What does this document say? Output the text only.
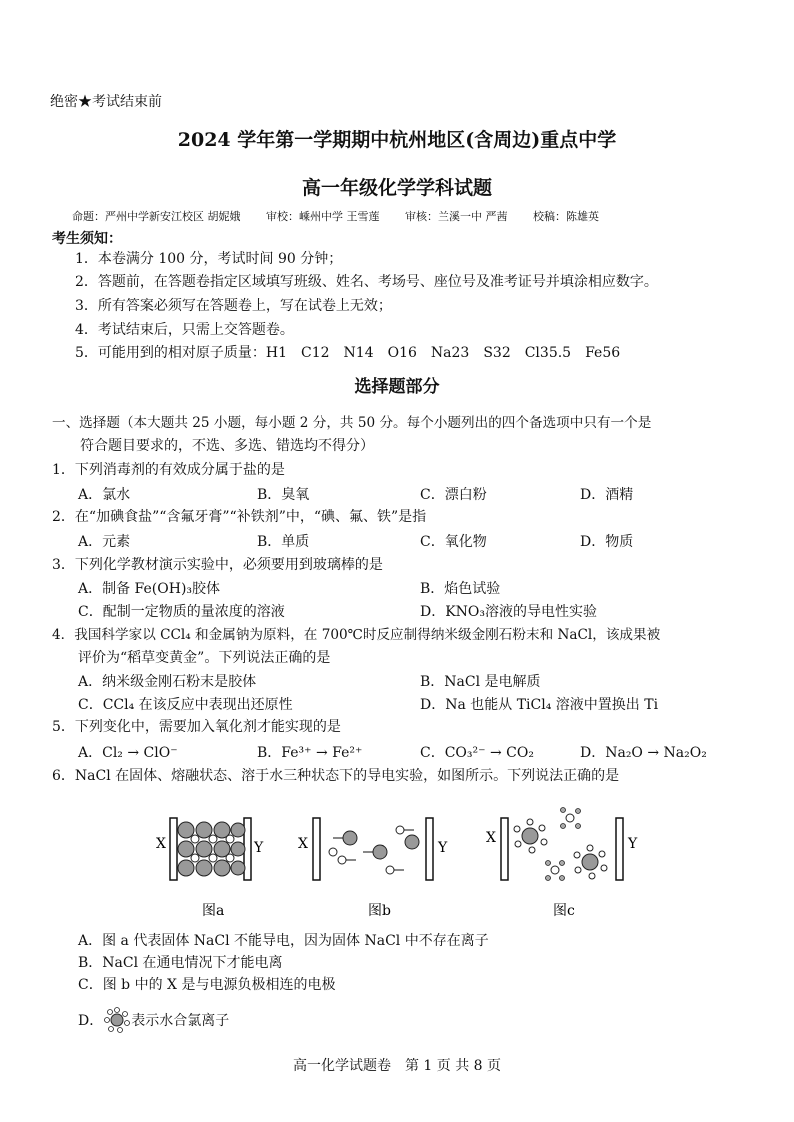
绝密★考试结束前
2024 学年第一学期期中杭州地区(含周边)重点中学
高一年级化学学科试题
命题：严州中学新安江校区 胡妮娥 审校：嵊州中学 王雪莲 审核：兰溪一中 严茜 校稿：陈雄英
考生须知：
1．本卷满分 100 分，考试时间 90 分钟；
2．答题前，在答题卷指定区域填写班级、姓名、考场号、座位号及准考证号并填涂相应数字。
3．所有答案必须写在答题卷上，写在试卷上无效；
4．考试结束后，只需上交答题卷。
5．可能用到的相对原子质量：H1　C12　N14　O16　Na23　S32　Cl35.5　Fe56
选择题部分
一、选择题（本大题共 25 小题，每小题 2 分，共 50 分。每个小题列出的四个备选项中只有一个是
符合题目要求的，不选、多选、错选均不得分）
1．下列消毒剂的有效成分属于盐的是
A．氯水	B．臭氧	C．漂白粉	D．酒精
2．在“加碘食盐”“含氟牙膏”“补铁剂”中，“碘、氟、铁”是指
A．元素	B．单质	C．氧化物	D．物质
3．下列化学教材演示实验中，必须要用到玻璃棒的是
A．制备 Fe(OH)₃胶体	B．焰色试验
C．配制一定物质的量浓度的溶液	D．KNO₃溶液的导电性实验
4．我国科学家以 CCl₄ 和金属钠为原料，在 700℃时反应制得纳米级金刚石粉末和 NaCl，该成果被
评价为“稻草变黄金”。下列说法正确的是
A．纳米级金刚石粉末是胶体	B．NaCl 是电解质
C．CCl₄ 在该反应中表现出还原性	D．Na 也能从 TiCl₄ 溶液中置换出 Ti
5．下列变化中，需要加入氧化剂才能实现的是
A．Cl₂ → ClO⁻	B．Fe³⁺ → Fe²⁺	C．CO₃²⁻ → CO₂	D．Na₂O → Na₂O₂
6．NaCl 在固体、熔融状态、溶于水三种状态下的导电实验，如图所示。下列说法正确的是
X	Y
图a
X	Y
图b
X	Y
图c
A．图 a 代表固体 NaCl 不能导电，因为固体 NaCl 中不存在离子
B．NaCl 在通电情况下才能电离
C．图 b 中的 X 是与电源负极相连的电极
D． 表示水合氯离子
高一化学试题卷　第 1 页 共 8 页
